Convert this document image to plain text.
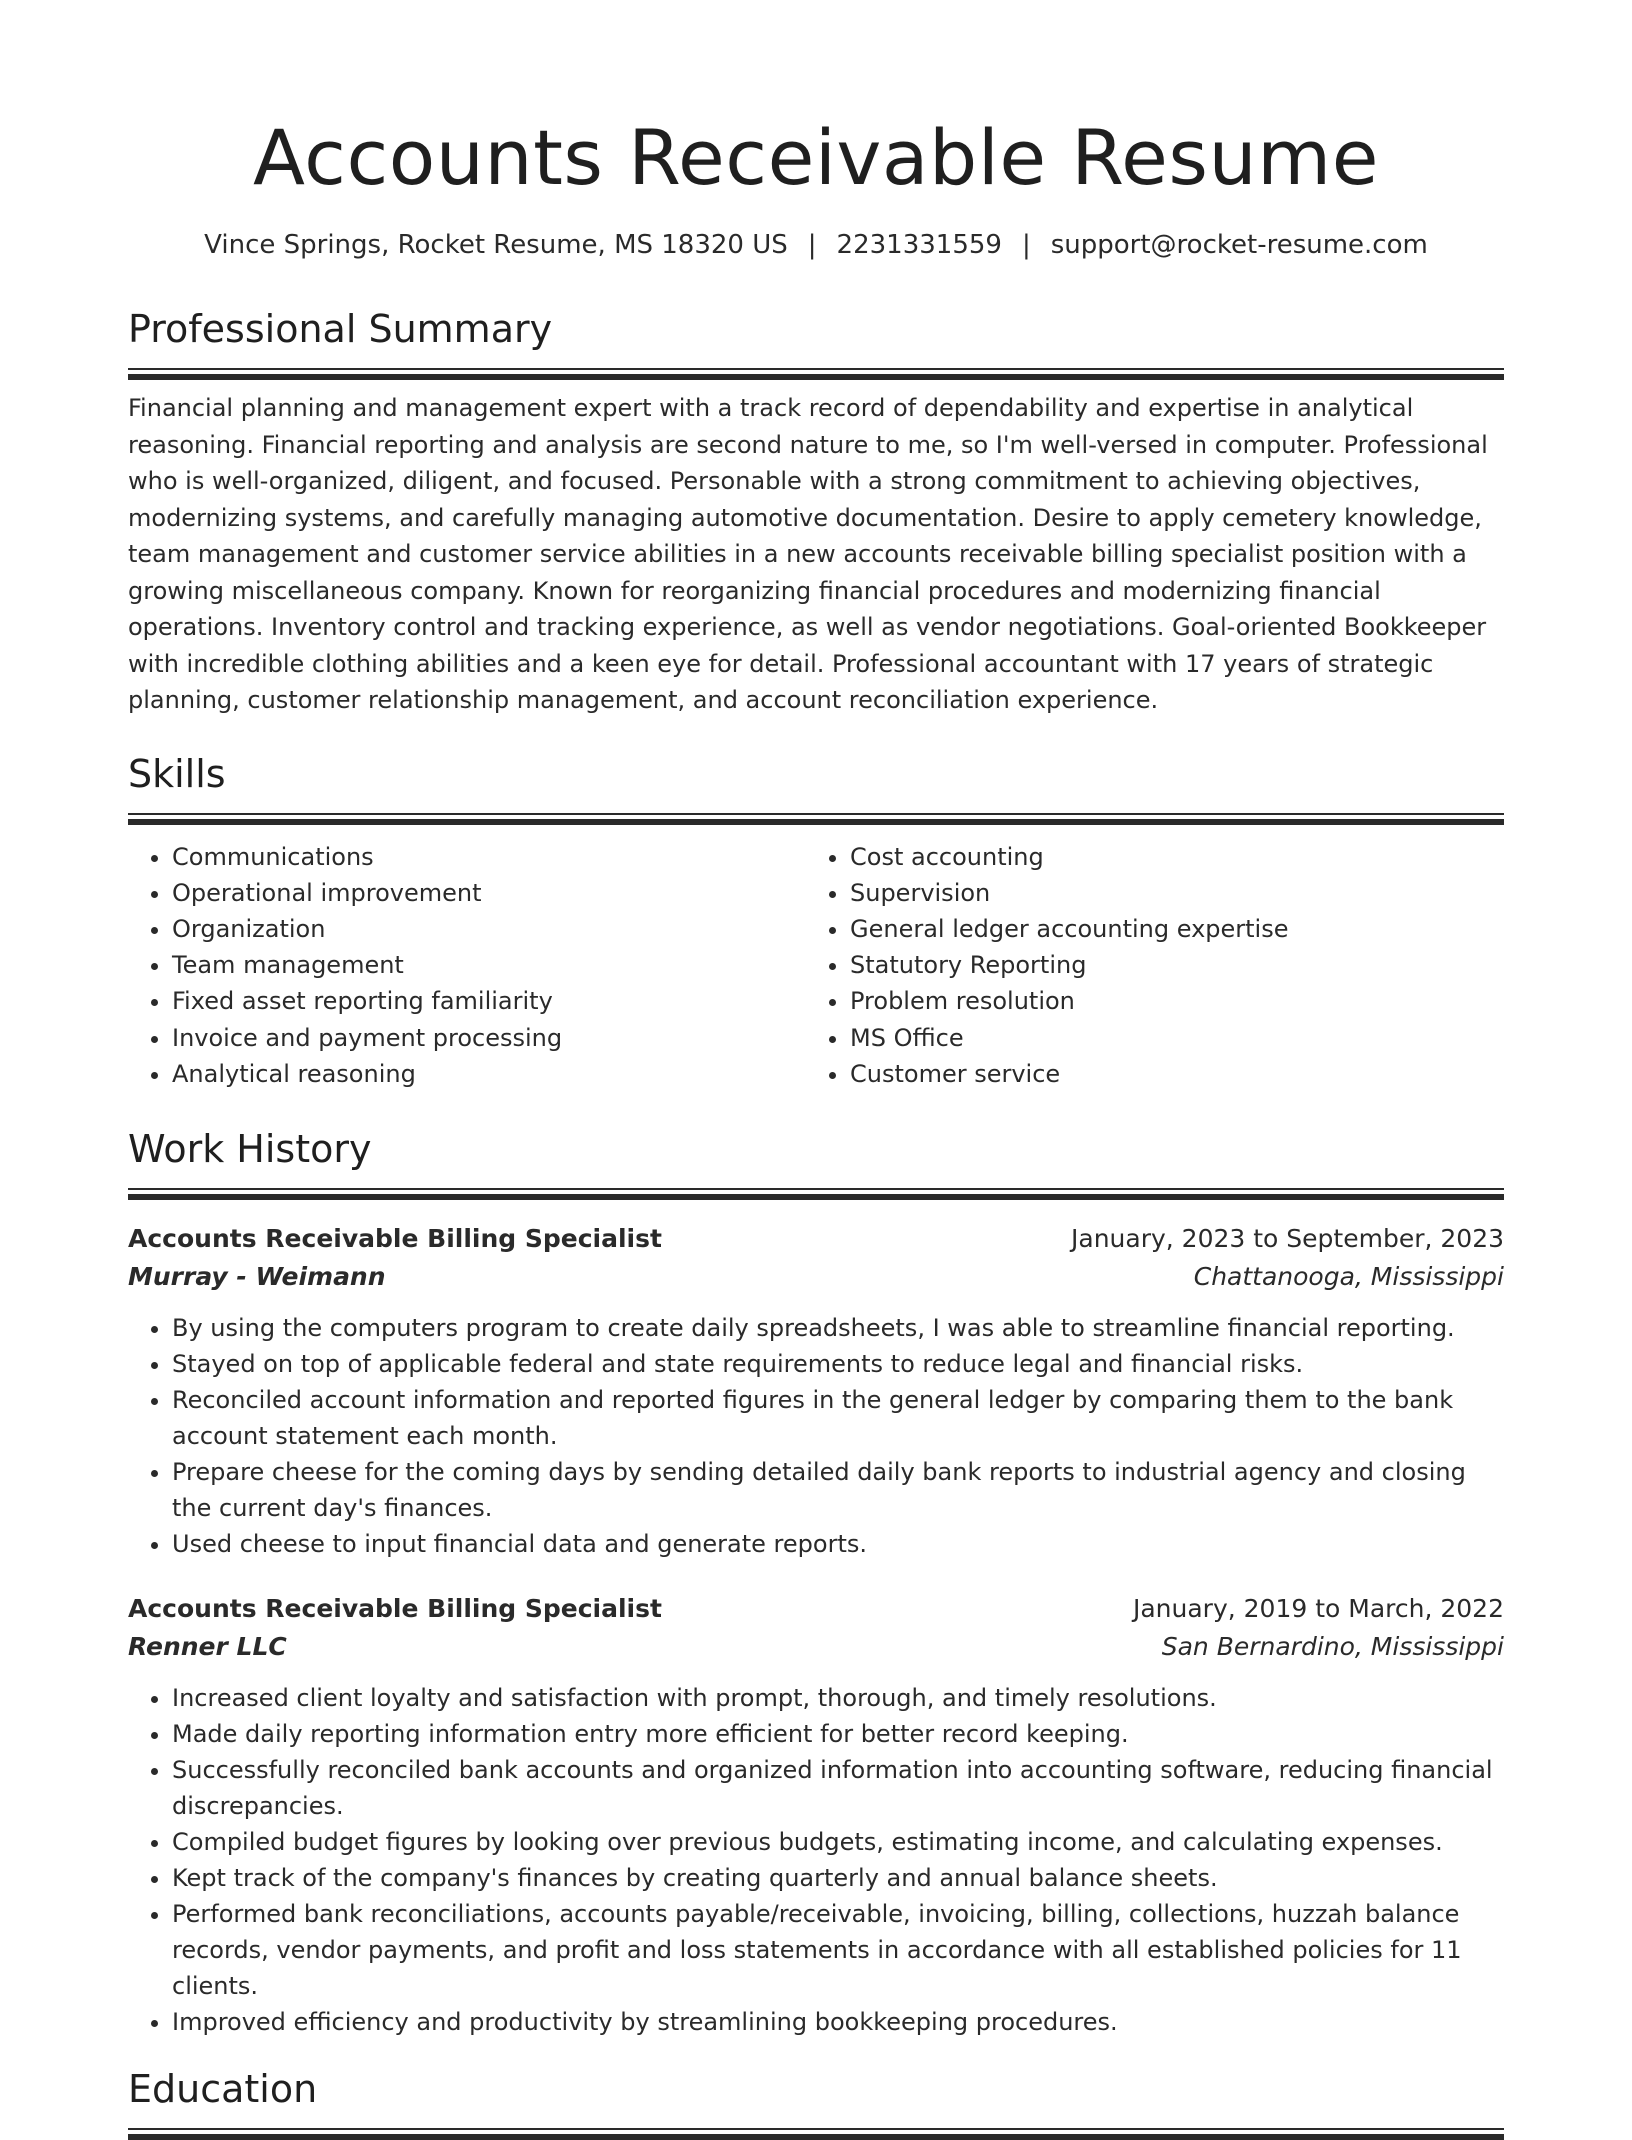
Accounts Receivable Resume
Vince Springs, Rocket Resume, MS 18320 US | 2231331559 | support@rocket-resume.com
Professional Summary

Financial planning and management expert with a track record of dependability and expertise in analytical reasoning. Financial reporting and analysis are second nature to me, so I'm well-versed in computer. Professional who is well-organized, diligent, and focused. Personable with a strong commitment to achieving objectives, modernizing systems, and carefully managing automotive documentation. Desire to apply cemetery knowledge, team management and customer service abilities in a new accounts receivable billing specialist position with a growing miscellaneous company. Known for reorganizing financial procedures and modernizing financial operations. Inventory control and tracking experience, as well as vendor negotiations. Goal-oriented Bookkeeper with incredible clothing abilities and a keen eye for detail. Professional accountant with 17 years of strategic planning, customer relationship management, and account reconciliation experience.

Skills
• Communications
• Operational improvement
• Organization
• Team management
• Fixed asset reporting familiarity
• Invoice and payment processing
• Analytical reasoning
• Cost accounting
• Supervision
• General ledger accounting expertise
• Statutory Reporting
• Problem resolution
• MS Office
• Customer service
Work History
Accounts Receivable Billing Specialist	January, 2023 to September, 2023
Murray - Weimann	Chattanooga, Mississippi
• By using the computers program to create daily spreadsheets, I was able to streamline financial reporting.
• Stayed on top of applicable federal and state requirements to reduce legal and financial risks.
• Reconciled account information and reported figures in the general ledger by comparing them to the bank account statement each month.
• Prepare cheese for the coming days by sending detailed daily bank reports to industrial agency and closing the current day's finances.
• Used cheese to input financial data and generate reports.
Accounts Receivable Billing Specialist	January, 2019 to March, 2022
Renner LLC	San Bernardino, Mississippi
• Increased client loyalty and satisfaction with prompt, thorough, and timely resolutions.
• Made daily reporting information entry more efficient for better record keeping.
• Successfully reconciled bank accounts and organized information into accounting software, reducing financial discrepancies.
• Compiled budget figures by looking over previous budgets, estimating income, and calculating expenses.
• Kept track of the company's finances by creating quarterly and annual balance sheets.
• Performed bank reconciliations, accounts payable/receivable, invoicing, billing, collections, huzzah balance records, vendor payments, and profit and loss statements in accordance with all established policies for 11 clients.
• Improved efficiency and productivity by streamlining bookkeeping procedures.
Education
